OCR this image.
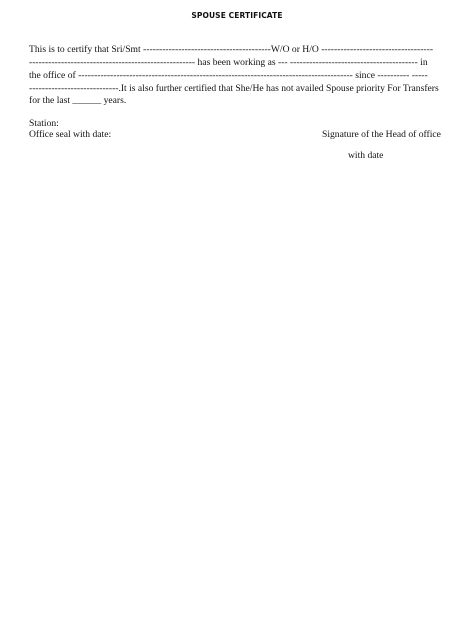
SPOUSE CERTIFICATE
This is to certify that Sri/Smt ----------------------------------------W/O or H/O -----------------------------------
---------------------------------------------------- has been working as --- ---------------------------------------- in
the office of -------------------------------------------------------------------------------------- since ---------- -----
----------------------------.It is also further certified that She/He has not availed Spouse priority For Transfers
for the last ______ years.
Station:
Office seal with date:	Signature of the Head of office
with date
